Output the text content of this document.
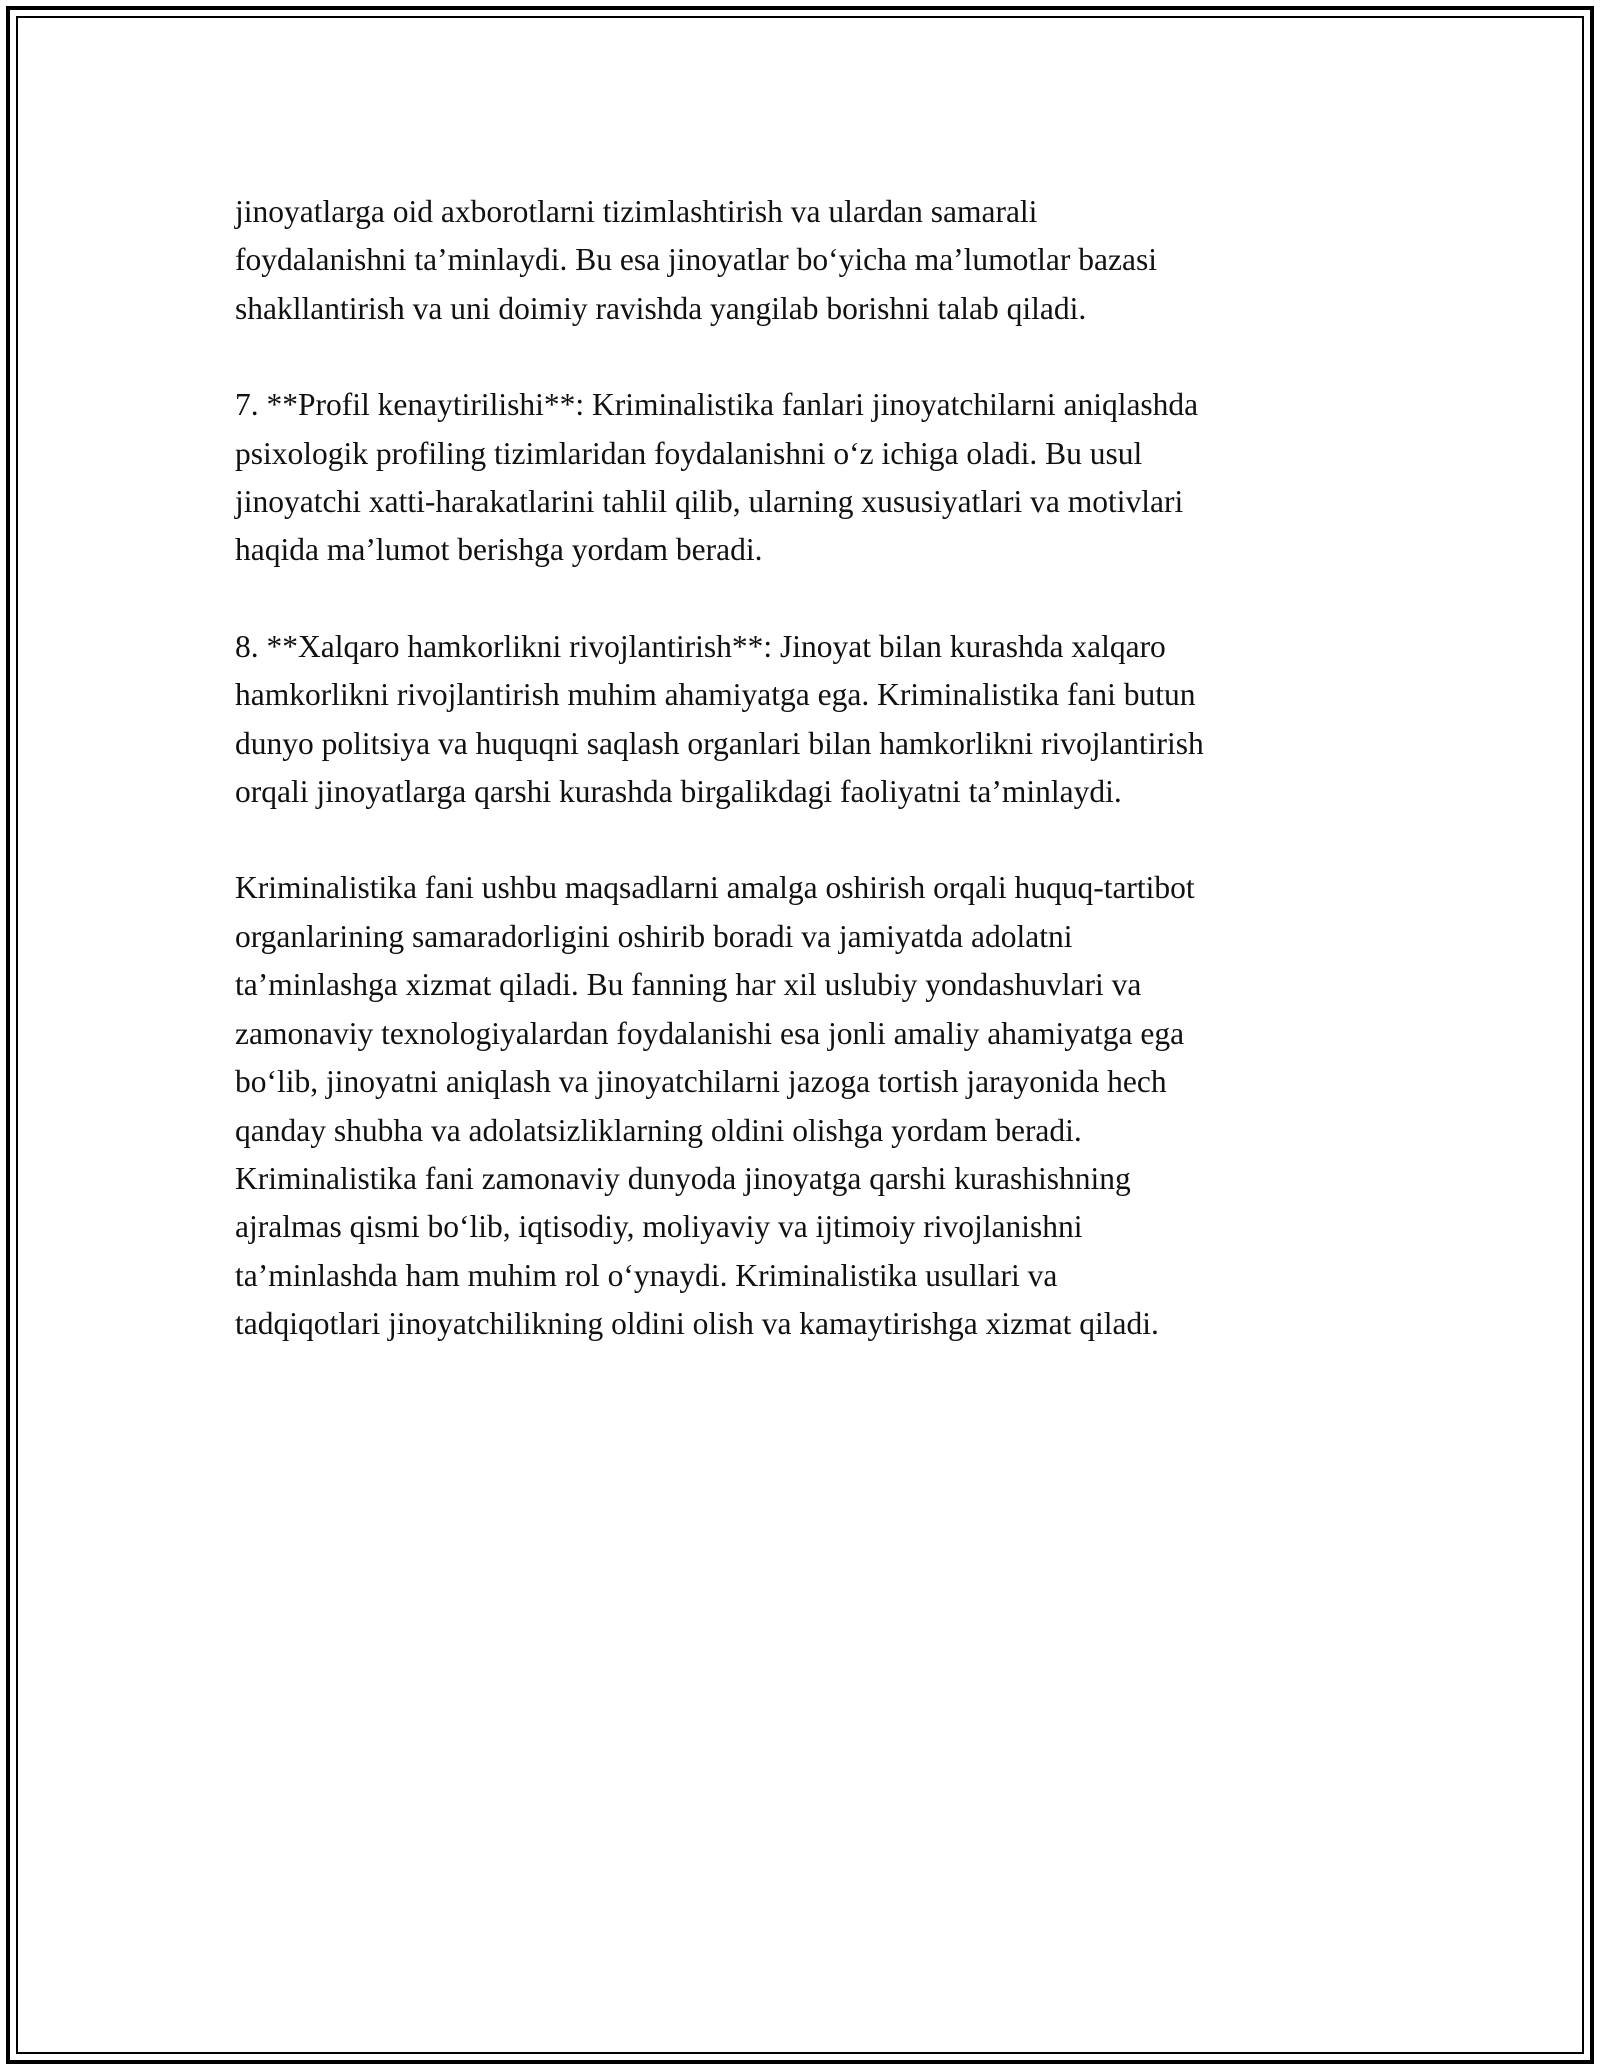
jinoyatlarga oid axborotlarni tizimlashtirish va ulardan samarali
foydalanishni ta’minlaydi. Bu esa jinoyatlar bo‘yicha ma’lumotlar bazasi
shakllantirish va uni doimiy ravishda yangilab borishni talab qiladi.

7. **Profil kenaytirilishi**: Kriminalistika fanlari jinoyatchilarni aniqlashda
psixologik profiling tizimlaridan foydalanishni o‘z ichiga oladi. Bu usul
jinoyatchi xatti-harakatlarini tahlil qilib, ularning xususiyatlari va motivlari
haqida ma’lumot berishga yordam beradi.

8. **Xalqaro hamkorlikni rivojlantirish**: Jinoyat bilan kurashda xalqaro
hamkorlikni rivojlantirish muhim ahamiyatga ega. Kriminalistika fani butun
dunyo politsiya va huquqni saqlash organlari bilan hamkorlikni rivojlantirish
orqali jinoyatlarga qarshi kurashda birgalikdagi faoliyatni ta’minlaydi.

Kriminalistika fani ushbu maqsadlarni amalga oshirish orqali huquq-tartibot
organlarining samaradorligini oshirib boradi va jamiyatda adolatni
ta’minlashga xizmat qiladi. Bu fanning har xil uslubiy yondashuvlari va
zamonaviy texnologiyalardan foydalanishi esa jonli amaliy ahamiyatga ega
bo‘lib, jinoyatni aniqlash va jinoyatchilarni jazoga tortish jarayonida hech
qanday shubha va adolatsizliklarning oldini olishga yordam beradi.
Kriminalistika fani zamonaviy dunyoda jinoyatga qarshi kurashishning
ajralmas qismi bo‘lib, iqtisodiy, moliyaviy va ijtimoiy rivojlanishni
ta’minlashda ham muhim rol o‘ynaydi. Kriminalistika usullari va
tadqiqotlari jinoyatchilikning oldini olish va kamaytirishga xizmat qiladi.
